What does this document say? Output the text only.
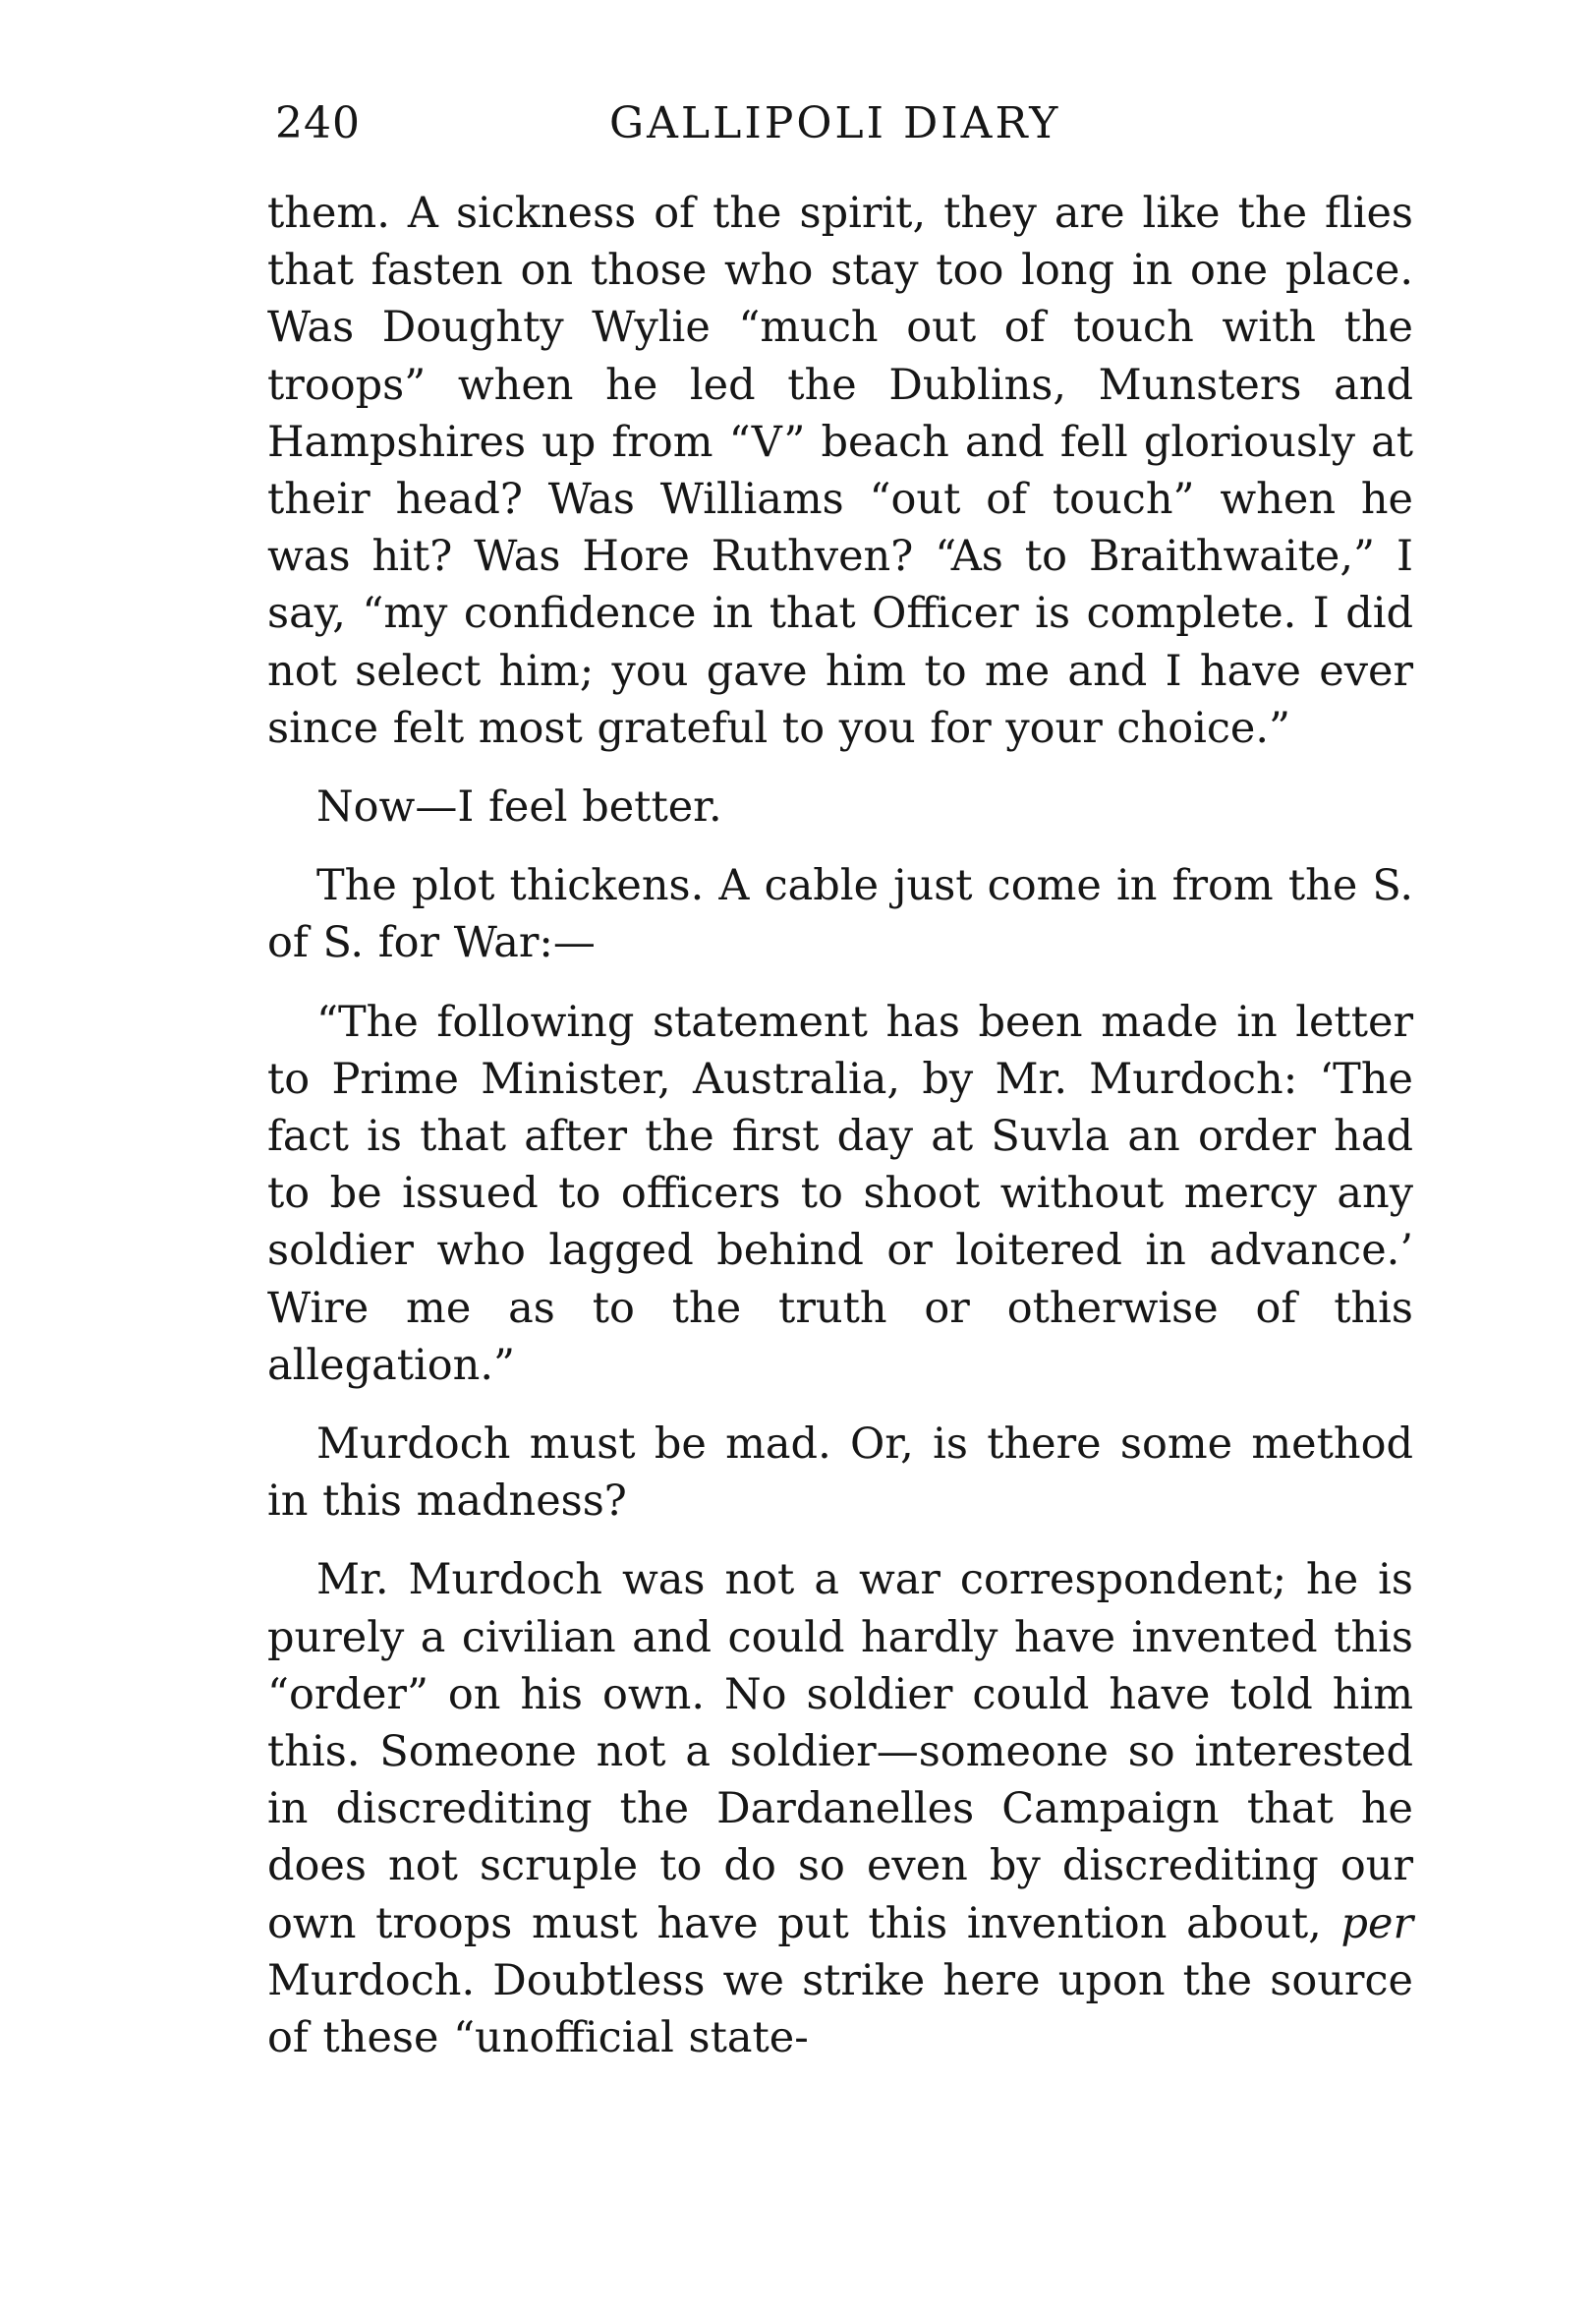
240	GALLIPOLI DIARY

them. A sickness of the spirit, they are like the flies that fasten on those who stay too long in one place. Was Doughty Wylie “much out of touch with the troops” when he led the Dublins, Munsters and Hampshires up from “V” beach and fell gloriously at their head? Was Williams “out of touch” when he was hit? Was Hore Ruthven? “As to Braithwaite,” I say, “my confidence in that Officer is complete. I did not select him; you gave him to me and I have ever since felt most grateful to you for your choice.”

Now—I feel better.

The plot thickens. A cable just come in from the S. of S. for War:—

“The following statement has been made in letter to Prime Minister, Australia, by Mr. Murdoch: ‘The fact is that after the first day at Suvla an order had to be issued to officers to shoot without mercy any soldier who lagged behind or loitered in advance.’ Wire me as to the truth or otherwise of this allegation.”

Murdoch must be mad. Or, is there some method in this madness?

Mr. Murdoch was not a war correspondent; he is purely a civilian and could hardly have invented this “order” on his own. No soldier could have told him this. Someone not a soldier—someone so interested in discrediting the Dardanelles Campaign that he does not scruple to do so even by discrediting our own troops must have put this invention about, per Murdoch. Doubtless we strike here upon the source of these “unofficial state-
